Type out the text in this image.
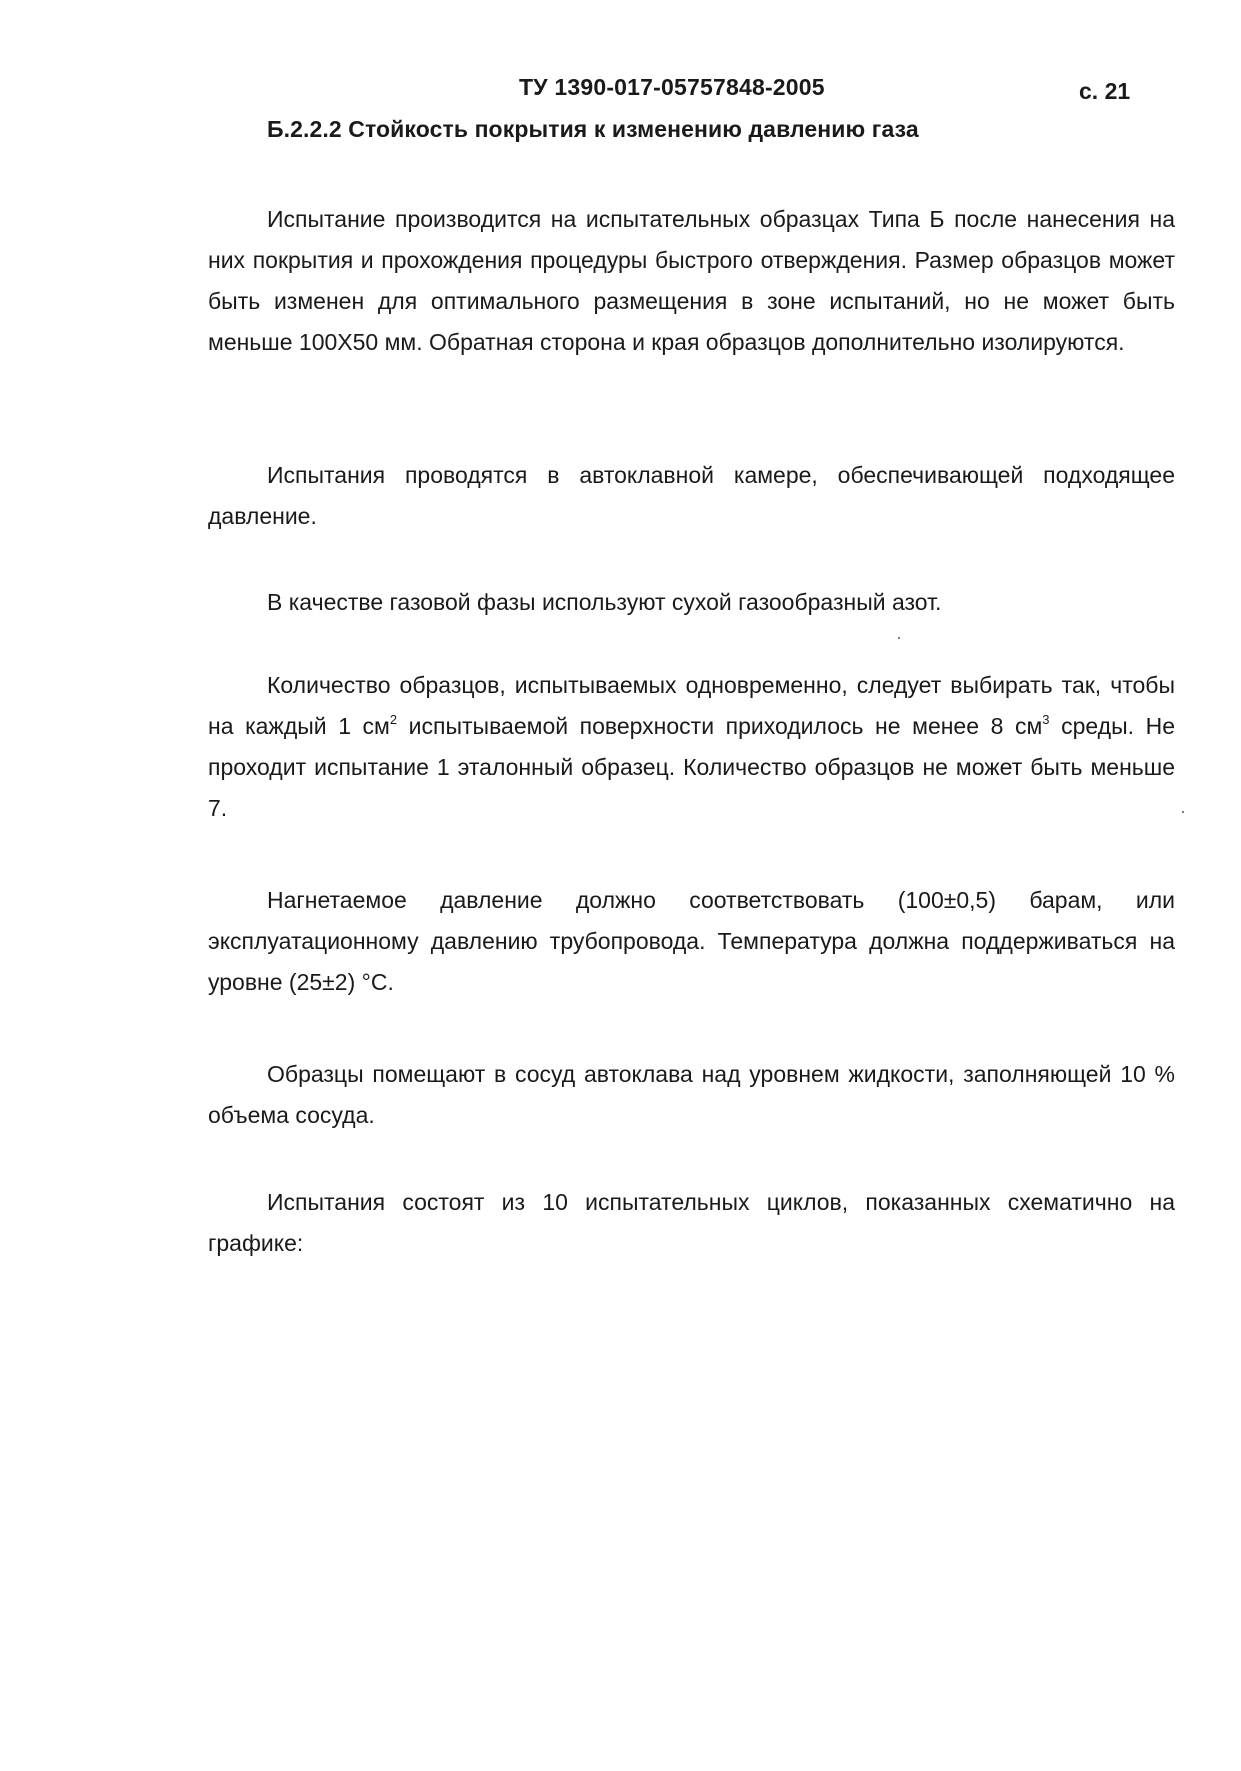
ТУ 1390-017-05757848-2005	с. 21
Б.2.2.2 Стойкость покрытия к изменению давлению газа

Испытание производится на испытательных образцах Типа Б после нанесения на них покрытия и прохождения процедуры быстрого отверждения. Размер образцов может быть изменен для оптимального размещения в зоне испытаний, но не может быть меньше 100Х50 мм. Обратная сторона и края образцов дополнительно изолируются.

Испытания проводятся в автоклавной камере, обеспечивающей подходящее давление.

В качестве газовой фазы используют сухой газообразный азот.

Количество образцов, испытываемых одновременно, следует выбирать так, чтобы на каждый 1 $см^2$ испытываемой поверхности приходилось не менее 8 $см^3$ среды. Не проходит испытание 1 эталонный образец. Количество образцов не может быть меньше 7.

Нагнетаемое давление должно соответствовать (100±0,5) барам, или эксплуатационному давлению трубопровода. Температура должна поддерживаться на уровне (25±2) °С.

Образцы помещают в сосуд автоклава над уровнем жидкости, заполняющей 10 % объема сосуда.

Испытания состоят из 10 испытательных циклов, показанных схематично на графике:
